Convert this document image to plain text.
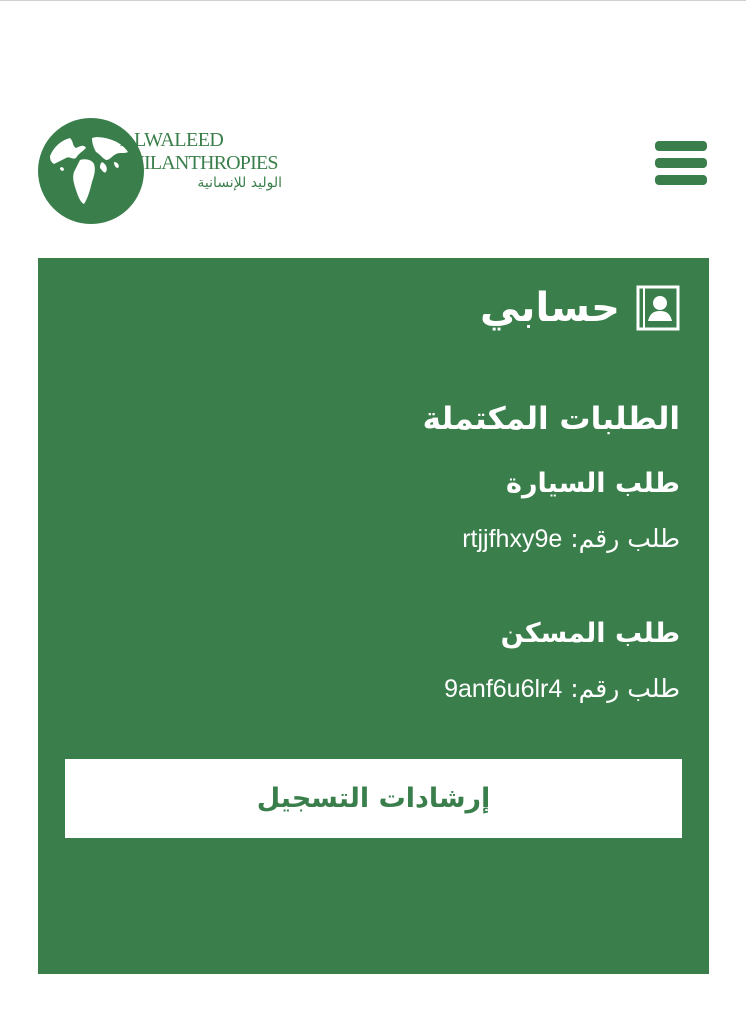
ALWALEED
PHILANTHROPIES
الوليد للإنسانية
حسابي
الطلبات المكتملة
طلب السيارة
طلب رقم: rtjjfhxy9e
طلب المسكن
طلب رقم: 9anf6u6lr4
إرشادات التسجيل
